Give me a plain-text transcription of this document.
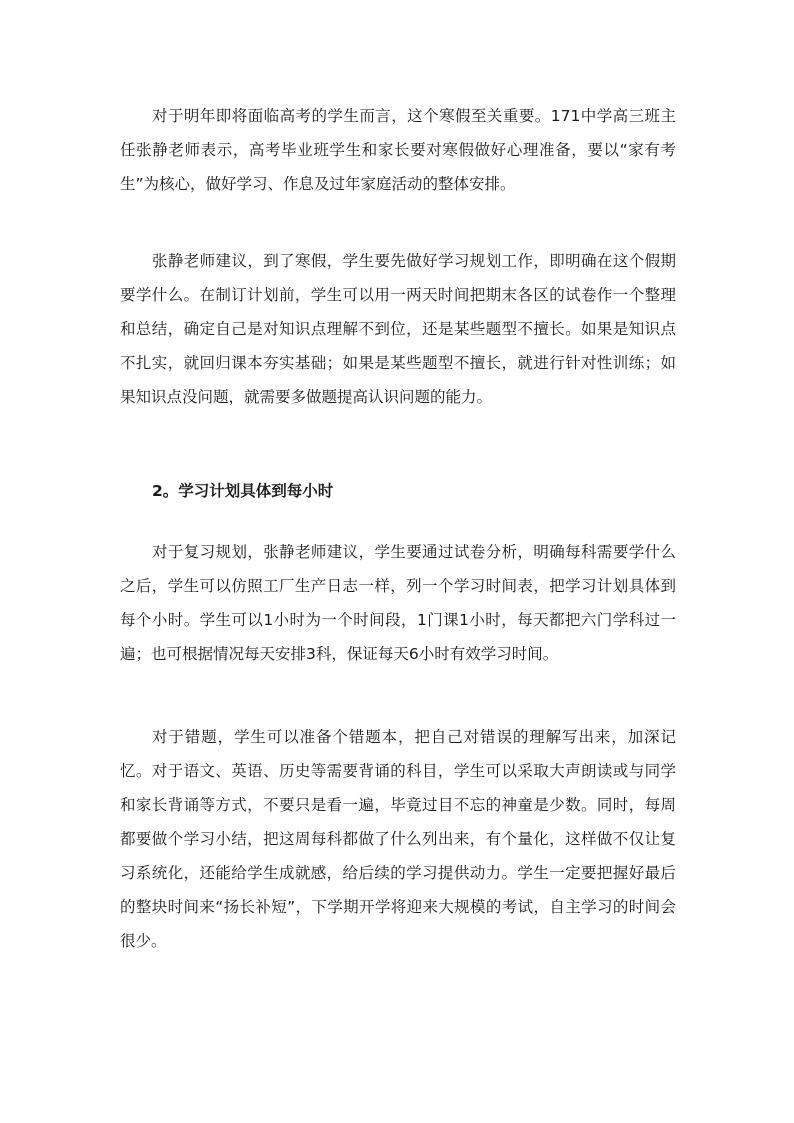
对于明年即将面临高考的学生而言，这个寒假至关重要。171中学高三班主任张静老师表示，高考毕业班学生和家长要对寒假做好心理准备，要以“家有考生”为核心，做好学习、作息及过年家庭活动的整体安排。

张静老师建议，到了寒假，学生要先做好学习规划工作，即明确在这个假期要学什么。在制订计划前，学生可以用一两天时间把期末各区的试卷作一个整理和总结，确定自己是对知识点理解不到位，还是某些题型不擅长。如果是知识点不扎实，就回归课本夯实基础；如果是某些题型不擅长，就进行针对性训练；如果知识点没问题，就需要多做题提高认识问题的能力。

2。学习计划具体到每小时

对于复习规划，张静老师建议，学生要通过试卷分析，明确每科需要学什么之后，学生可以仿照工厂生产日志一样，列一个学习时间表，把学习计划具体到每个小时。学生可以1小时为一个时间段，1门课1小时，每天都把六门学科过一遍；也可根据情况每天安排3科，保证每天6小时有效学习时间。

对于错题，学生可以准备个错题本，把自己对错误的理解写出来，加深记忆。对于语文、英语、历史等需要背诵的科目，学生可以采取大声朗读或与同学和家长背诵等方式，不要只是看一遍，毕竟过目不忘的神童是少数。同时，每周都要做个学习小结，把这周每科都做了什么列出来，有个量化，这样做不仅让复习系统化，还能给学生成就感，给后续的学习提供动力。学生一定要把握好最后的整块时间来“扬长补短”，下学期开学将迎来大规模的考试，自主学习的时间会很少。
